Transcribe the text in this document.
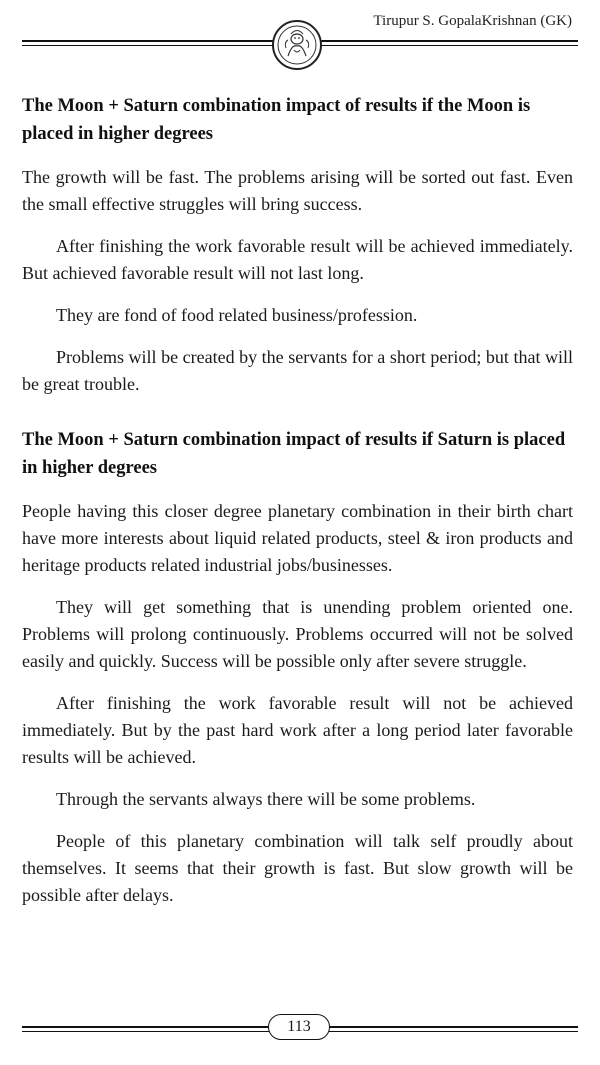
Tirupur S. GopalaKrishnan (GK)
The Moon + Saturn combination impact of results if the Moon is placed in higher degrees

The growth will be fast. The problems arising will be sorted out fast. Even the small effective struggles will bring success.

After finishing the work favorable result will be achieved immediately. But achieved favorable result will not last long.

They are fond of food related business/profession.

Problems will be created by the servants for a short period; but that will be great trouble.

The Moon + Saturn combination impact of results if Saturn is placed in higher degrees

People having this closer degree planetary combination in their birth chart have more interests about liquid related products, steel & iron products and heritage products related industrial jobs/businesses.

They will get something that is unending problem oriented one. Problems will prolong continuously. Problems occurred will not be solved easily and quickly. Success will be possible only after severe struggle.

After finishing the work favorable result will not be achieved immediately. But by the past hard work after a long period later favorable results will be achieved.

Through the servants always there will be some problems.

People of this planetary combination will talk self proudly about themselves. It seems that their growth is fast. But slow growth will be possible after delays.

113
